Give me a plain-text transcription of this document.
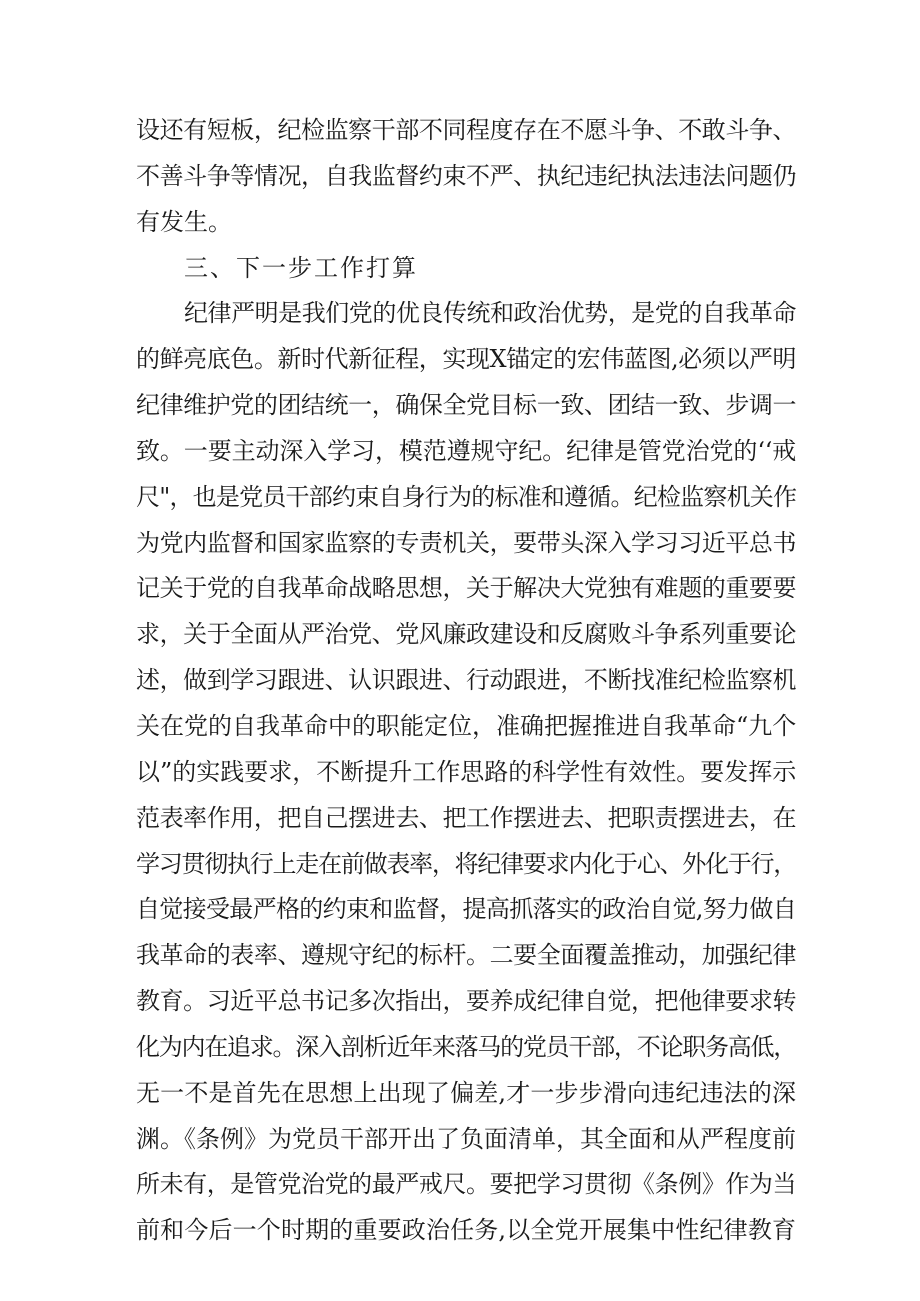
设还有短板，纪检监察干部不同程度存在不愿斗争、不敢斗争、
不善斗争等情况，自我监督约束不严、执纪违纪执法违法问题仍
有发生。
三、下一步工作打算
纪律严明是我们党的优良传统和政治优势，是党的自我革命
的鲜亮底色。新时代新征程，实现X锚定的宏伟蓝图,必须以严明
纪律维护党的团结统一，确保全党目标一致、团结一致、步调一
致。一要主动深入学习，模范遵规守纪。纪律是管党治党的‘‘戒
尺"，也是党员干部约束自身行为的标准和遵循。纪检监察机关作
为党内监督和国家监察的专责机关，要带头深入学习习近平总书
记关于党的自我革命战略思想，关于解决大党独有难题的重要要
求，关于全面从严治党、党风廉政建设和反腐败斗争系列重要论
述，做到学习跟进、认识跟进、行动跟进，不断找准纪检监察机
关在党的自我革命中的职能定位，准确把握推进自我革命“九个
以”的实践要求，不断提升工作思路的科学性有效性。要发挥示
范表率作用，把自己摆进去、把工作摆进去、把职责摆进去，在
学习贯彻执行上走在前做表率，将纪律要求内化于心、外化于行，
自觉接受最严格的约束和监督，提高抓落实的政治自觉,努力做自
我革命的表率、遵规守纪的标杆。二要全面覆盖推动，加强纪律
教育。习近平总书记多次指出，要养成纪律自觉，把他律要求转
化为内在追求。深入剖析近年来落马的党员干部，不论职务高低，
无一不是首先在思想上出现了偏差,才一步步滑向违纪违法的深
渊。《条例》为党员干部开出了负面清单，其全面和从严程度前
所未有，是管党治党的最严戒尺。要把学习贯彻《条例》作为当
前和今后一个时期的重要政治任务,以全党开展集中性纪律教育
